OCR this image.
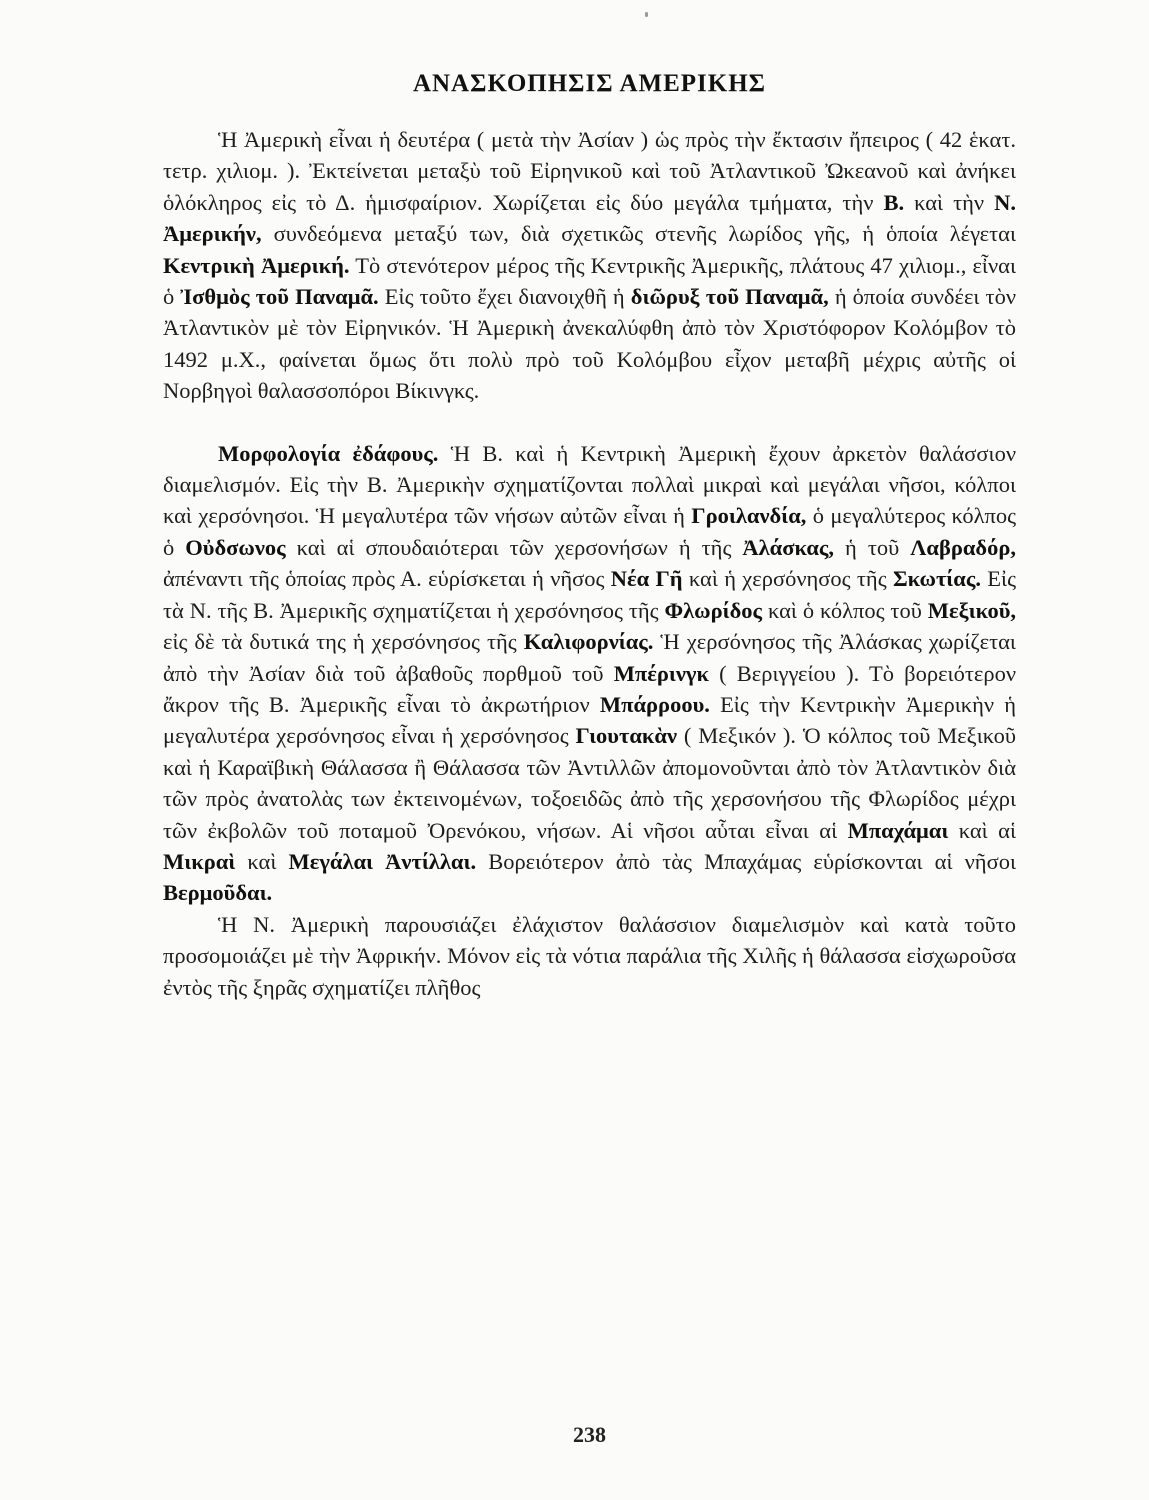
ΑΝΑΣΚΟΠΗΣΙΣ ΑΜΕΡΙΚΗΣ

Ἡ Ἀμερικὴ εἶναι ἡ δευτέρα ( μετὰ τὴν Ἀσίαν ) ὡς πρὸς τὴν ἔκτασιν ἤπειρος ( 42 ἑκατ. τετρ. χιλιομ. ). Ἐκτείνεται μεταξὺ τοῦ Εἰρηνικοῦ καὶ τοῦ Ἀτλαντικοῦ Ὠκεανοῦ καὶ ἀνήκει ὁλόκληρος εἰς τὸ Δ. ἡμισφαίριον. Χωρίζεται εἰς δύο μεγάλα τμήματα, τὴν Β. καὶ τὴν Ν. Ἀμερικήν, συνδεόμενα μεταξύ των, διὰ σχετικῶς στενῆς λωρίδος γῆς, ἡ ὁποία λέγεται Κεντρικὴ Ἀμερική. Τὸ στενότερον μέρος τῆς Κεντρικῆς Ἀμερικῆς, πλάτους 47 χιλιομ., εἶναι ὁ Ἰσθμὸς τοῦ Παναμᾶ. Εἰς τοῦτο ἔχει διανοιχθῆ ἡ διῶρυξ τοῦ Παναμᾶ, ἡ ὁποία συνδέει τὸν Ἀτλαντικὸν μὲ τὸν Εἰρηνικόν. Ἡ Ἀμερικὴ ἀνεκαλύφθη ἀπὸ τὸν Χριστόφορον Κολόμβον τὸ 1492 μ.Χ., φαίνεται ὅμως ὅτι πολὺ πρὸ τοῦ Κολόμβου εἶχον μεταβῆ μέχρις αὐτῆς οἱ Νορβηγοὶ θαλασσοπόροι Βίκινγκς.

Μορφολογία ἐδάφους. Ἡ Β. καὶ ἡ Κεντρικὴ Ἀμερικὴ ἔχουν ἀρκετὸν θαλάσσιον διαμελισμόν. Εἰς τὴν Β. Ἀμερικὴν σχηματίζονται πολλαὶ μικραὶ καὶ μεγάλαι νῆσοι, κόλποι καὶ χερσόνησοι. Ἡ μεγαλυτέρα τῶν νήσων αὐτῶν εἶναι ἡ Γροιλανδία, ὁ μεγαλύτερος κόλπος ὁ Οὐδσωνος καὶ αἱ σπουδαιότεραι τῶν χερσονήσων ἡ τῆς Ἀλάσκας, ἡ τοῦ Λαβραδόρ, ἀπέναντι τῆς ὁποίας πρὸς Α. εὑρίσκεται ἡ νῆσος Νέα Γῆ καὶ ἡ χερσόνησος τῆς Σκωτίας. Εἰς τὰ Ν. τῆς Β. Ἀμερικῆς σχηματίζεται ἡ χερσόνησος τῆς Φλωρίδος καὶ ὁ κόλπος τοῦ Μεξικοῦ, εἰς δὲ τὰ δυτικά της ἡ χερσόνησος τῆς Καλιφορνίας. Ἡ χερσόνησος τῆς Ἀλάσκας χωρίζεται ἀπὸ τὴν Ἀσίαν διὰ τοῦ ἀβαθοῦς πορθμοῦ τοῦ Μπέρινγκ ( Βεριγγείου ). Τὸ βορειότερον ἄκρον τῆς Β. Ἀμερικῆς εἶναι τὸ ἀκρωτήριον Μπάρροου. Εἰς τὴν Κεντρικὴν Ἀμερικὴν ἡ μεγαλυτέρα χερσόνησος εἶναι ἡ χερσόνησος Γιουτακὰν ( Μεξικόν ). Ὁ κόλπος τοῦ Μεξικοῦ καὶ ἡ Καραϊβικὴ Θάλασσα ἢ Θάλασσα τῶν Ἀντιλλῶν ἀπομονοῦνται ἀπὸ τὸν Ἀτλαντικὸν διὰ τῶν πρὸς ἀνατολὰς των ἐκτεινομένων, τοξοειδῶς ἀπὸ τῆς χερσονήσου τῆς Φλωρίδος μέχρι τῶν ἐκβολῶν τοῦ ποταμοῦ Ὀρενόκου, νήσων. Αἱ νῆσοι αὗται εἶναι αἱ Μπαχάμαι καὶ αἱ Μικραὶ καὶ Μεγάλαι Ἀντίλλαι. Βορειότερον ἀπὸ τὰς Μπαχάμας εὑρίσκονται αἱ νῆσοι Βερμοῦδαι.

Ἡ Ν. Ἀμερικὴ παρουσιάζει ἐλάχιστον θαλάσσιον διαμελισμὸν καὶ κατὰ τοῦτο προσομοιάζει μὲ τὴν Ἀφρικήν. Μόνον εἰς τὰ νότια παράλια τῆς Χιλῆς ἡ θάλασσα εἰσχωροῦσα ἐντὸς τῆς ξηρᾶς σχηματίζει πλῆθος

238
